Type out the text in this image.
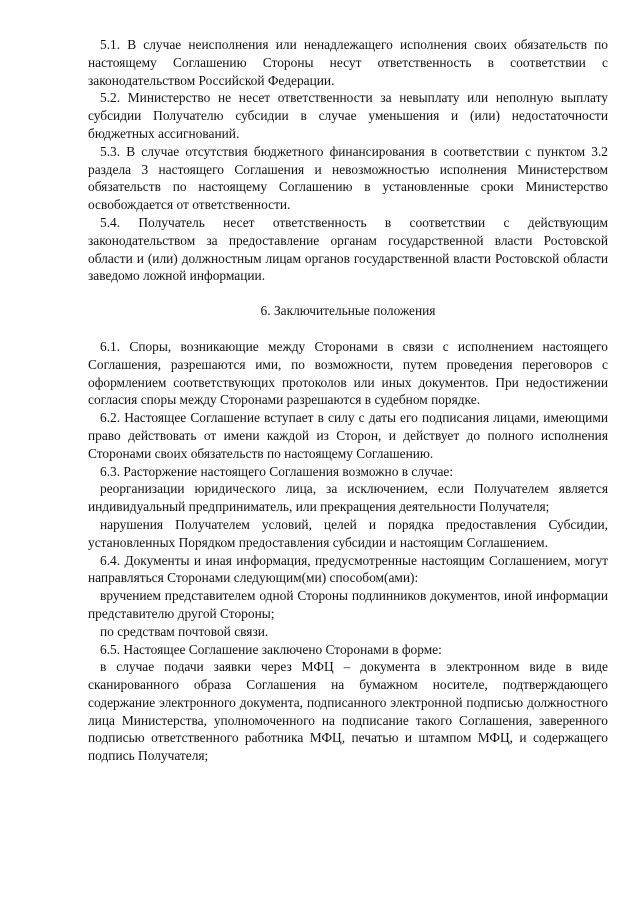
5.1. В случае неисполнения или ненадлежащего исполнения своих обязательств по настоящему Соглашению Стороны несут ответственность в соответствии с законодательством Российской Федерации.

5.2. Министерство не несет ответственности за невыплату или неполную выплату субсидии Получателю субсидии в случае уменьшения и (или) недостаточности бюджетных ассигнований.

5.3. В случае отсутствия бюджетного финансирования в соответствии с пунктом 3.2 раздела 3 настоящего Соглашения и невозможностью исполнения Министерством обязательств по настоящему Соглашению в установленные сроки Министерство освобождается от ответственности.

5.4. Получатель несет ответственность в соответствии с действующим законодательством за предоставление органам государственной власти Ростовской области и (или) должностным лицам органов государственной власти Ростовской области заведомо ложной информации.

6. Заключительные положения

6.1. Споры, возникающие между Сторонами в связи с исполнением настоящего Соглашения, разрешаются ими, по возможности, путем проведения переговоров с оформлением соответствующих протоколов или иных документов. При недостижении согласия споры между Сторонами разрешаются в судебном порядке.

6.2. Настоящее Соглашение вступает в силу с даты его подписания лицами, имеющими право действовать от имени каждой из Сторон, и действует до полного исполнения Сторонами своих обязательств по настоящему Соглашению.

6.3. Расторжение настоящего Соглашения возможно в случае:

реорганизации юридического лица, за исключением, если Получателем является индивидуальный предприниматель, или прекращения деятельности Получателя;

нарушения Получателем условий, целей и порядка предоставления Субсидии, установленных Порядком предоставления субсидии и настоящим Соглашением.

6.4. Документы и иная информация, предусмотренные настоящим Соглашением, могут направляться Сторонами следующим(ми) способом(ами):

вручением представителем одной Стороны подлинников документов, иной информации представителю другой Стороны;

по средствам почтовой связи.

6.5. Настоящее Соглашение заключено Сторонами в форме:

в случае подачи заявки через МФЦ – документа в электронном виде в виде сканированного образа Соглашения на бумажном носителе, подтверждающего содержание электронного документа, подписанного электронной подписью должностного лица Министерства, уполномоченного на подписание такого Соглашения, заверенного подписью ответственного работника МФЦ, печатью и штампом МФЦ, и содержащего подпись Получателя;
